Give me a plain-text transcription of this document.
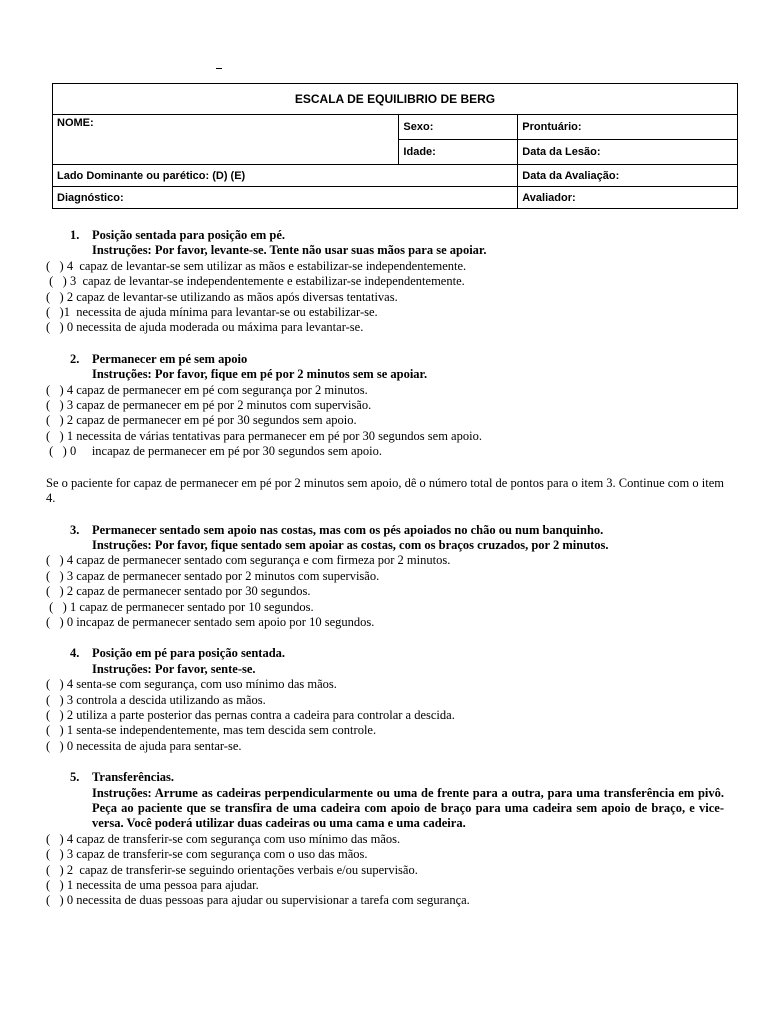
ESCALA DE EQUILIBRIO DE BERG		
NOME:	Sexo:	Prontuário:
	Idade:	Data da Lesão:
Lado Dominante ou parético: (D) (E)		Data da Avaliação:
Diagnóstico:		Avaliador:
1. Posição sentada para posição em pé.
Instruções: Por favor, levante-se. Tente não usar suas mãos para se apoiar.
(   ) 4  capaz de levantar-se sem utilizar as mãos e estabilizar-se independentemente.
(   ) 3  capaz de levantar-se independentemente e estabilizar-se independentemente.
(   ) 2 capaz de levantar-se utilizando as mãos após diversas tentativas.
(   )1  necessita de ajuda mínima para levantar-se ou estabilizar-se.
(   ) 0 necessita de ajuda moderada ou máxima para levantar-se.
2. Permanecer em pé sem apoio
Instruções: Por favor, fique em pé por 2 minutos sem se apoiar.
(   ) 4 capaz de permanecer em pé com segurança por 2 minutos.
(   ) 3 capaz de permanecer em pé por 2 minutos com supervisão.
(   ) 2 capaz de permanecer em pé por 30 segundos sem apoio.
(   ) 1 necessita de várias tentativas para permanecer em pé por 30 segundos sem apoio.
(   ) 0     incapaz de permanecer em pé por 30 segundos sem apoio.
Se o paciente for capaz de permanecer em pé por 2 minutos sem apoio, dê o número total de pontos para o item 3. Continue com o item 4.
3. Permanecer sentado sem apoio nas costas, mas com os pés apoiados no chão ou num banquinho.
Instruções: Por favor, fique sentado sem apoiar as costas, com os braços cruzados, por 2 minutos.
(   ) 4 capaz de permanecer sentado com segurança e com firmeza por 2 minutos.
(   ) 3 capaz de permanecer sentado por 2 minutos com supervisão.
(   ) 2 capaz de permanecer sentado por 30 segundos.
(   ) 1 capaz de permanecer sentado por 10 segundos.
(   ) 0 incapaz de permanecer sentado sem apoio por 10 segundos.
4. Posição em pé para posição sentada.
Instruções: Por favor, sente-se.
(   ) 4 senta-se com segurança, com uso mínimo das mãos.
(   ) 3 controla a descida utilizando as mãos.
(   ) 2 utiliza a parte posterior das pernas contra a cadeira para controlar a descida.
(   ) 1 senta-se independentemente, mas tem descida sem controle.
(   ) 0 necessita de ajuda para sentar-se.
5. Transferências.
Instruções: Arrume as cadeiras perpendicularmente ou uma de frente para a outra, para uma transferência em pivô. Peça ao paciente que se transfira de uma cadeira com apoio de braço para uma cadeira sem apoio de braço, e vice-versa. Você poderá utilizar duas cadeiras ou uma cama e uma cadeira.
(   ) 4 capaz de transferir-se com segurança com uso mínimo das mãos.
(   ) 3 capaz de transferir-se com segurança com o uso das mãos.
(   ) 2  capaz de transferir-se seguindo orientações verbais e/ou supervisão.
(   ) 1 necessita de uma pessoa para ajudar.
(   ) 0 necessita de duas pessoas para ajudar ou supervisionar a tarefa com segurança.
